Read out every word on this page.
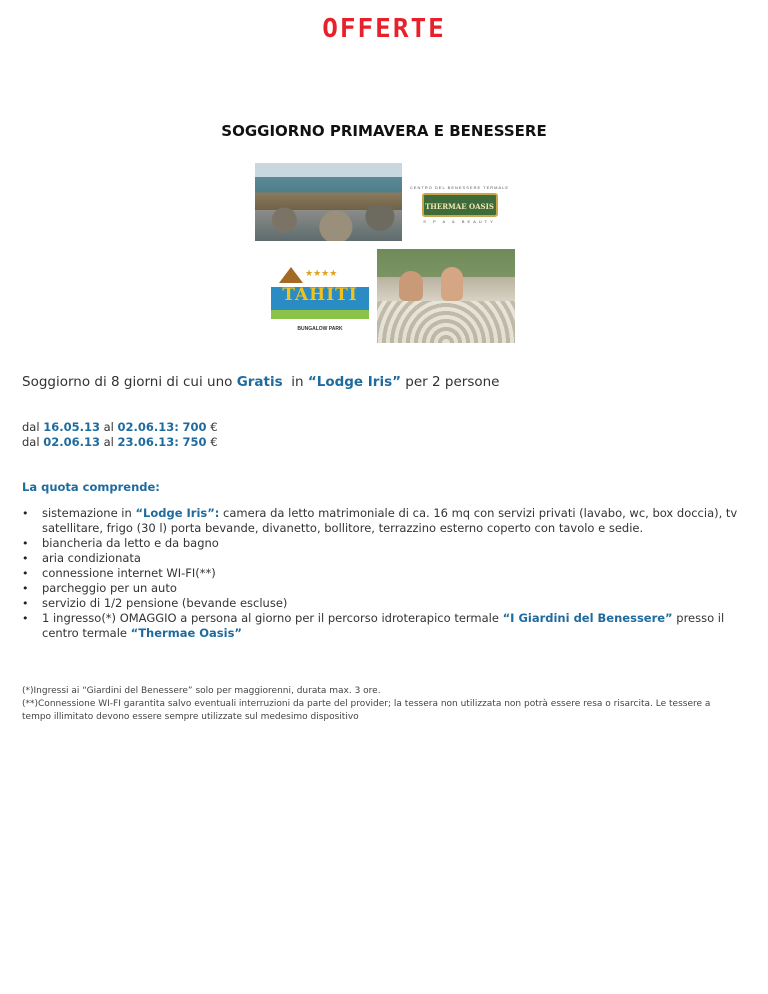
OFFERTE
SOGGIORNO PRIMAVERA E BENESSERE
CENTRO DEL BENESSERE TERMALE
THERMAE OASIS
S P A & BEAUTY
★★★★
TAHITI
BUNGALOW PARK
Soggiorno di 8 giorni di cui uno Gratis  in “Lodge Iris” per 2 persone
dal 16.05.13 al 02.06.13: 700 €
dal 02.06.13 al 23.06.13: 750 €
La quota comprende:
• sistemazione in “Lodge Iris”: camera da letto matrimoniale di ca. 16 mq con servizi privati (lavabo, wc, box doccia), tv satellitare, frigo (30 l) porta bevande, divanetto, bollitore, terrazzino esterno coperto con tavolo e sedie.
• biancheria da letto e da bagno
• aria condizionata
• connessione internet WI-FI(**)
• parcheggio per un auto
• servizio di 1/2 pensione (bevande escluse)
• 1 ingresso(*) OMAGGIO a persona al giorno per il percorso idroterapico termale “I Giardini del Benessere” presso il centro termale “Thermae Oasis”
(*)Ingressi ai “Giardini del Benessere” solo per maggiorenni, durata max. 3 ore.
(**)Connessione WI-FI garantita salvo eventuali interruzioni da parte del provider; la tessera non utilizzata non potrà essere resa o risarcita. Le tessere a tempo illimitato devono essere sempre utilizzate sul medesimo dispositivo
